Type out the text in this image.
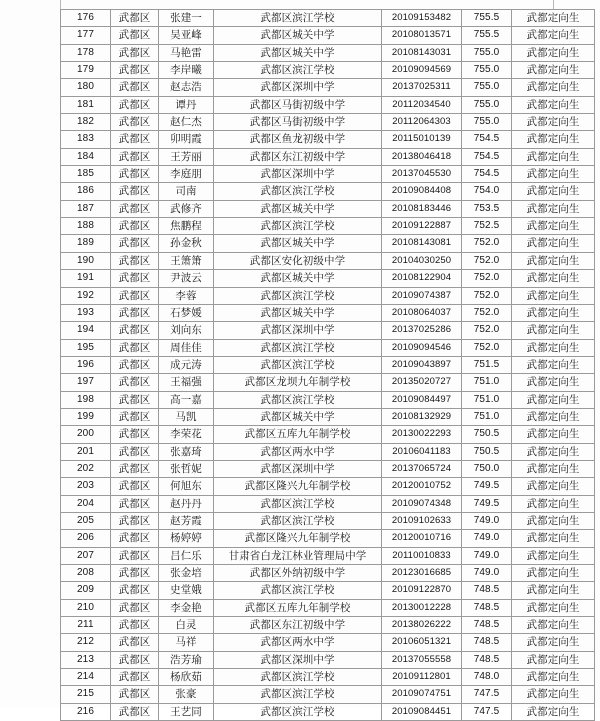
176	武都区	张建一	武都区滨江学校	20109153482	755.5	武都定向生
177	武都区	吴亚峰	武都区城关中学	20108013571	755.5	武都定向生
178	武都区	马艳雷	武都区城关中学	20108143031	755.0	武都定向生
179	武都区	李岸曦	武都区滨江学校	20109094569	755.0	武都定向生
180	武都区	赵志浩	武都区深圳中学	20137025311	755.0	武都定向生
181	武都区	谭丹	武都区马街初级中学	20112034540	755.0	武都定向生
182	武都区	赵仁杰	武都区马街初级中学	20112064303	755.0	武都定向生
183	武都区	卯明霞	武都区鱼龙初级中学	20115010139	754.5	武都定向生
184	武都区	王芳丽	武都区东江初级中学	20138046418	754.5	武都定向生
185	武都区	李庭朋	武都区深圳中学	20137045530	754.5	武都定向生
186	武都区	司南	武都区滨江学校	20109084408	754.0	武都定向生
187	武都区	武修齐	武都区城关中学	20108183446	753.5	武都定向生
188	武都区	焦鹏程	武都区滨江学校	20109122887	752.5	武都定向生
189	武都区	孙金秋	武都区城关中学	20108143081	752.0	武都定向生
190	武都区	王箫箫	武都区安化初级中学	20104030250	752.0	武都定向生
191	武都区	尹波云	武都区城关中学	20108122904	752.0	武都定向生
192	武都区	李蓉	武都区滨江学校	20109074387	752.0	武都定向生
193	武都区	石梦媛	武都区城关中学	20108064037	752.0	武都定向生
194	武都区	刘向东	武都区深圳中学	20137025286	752.0	武都定向生
195	武都区	周佳佳	武都区滨江学校	20109094546	752.0	武都定向生
196	武都区	成元涛	武都区滨江学校	20109043897	751.5	武都定向生
197	武都区	王福强	武都区龙坝九年制学校	20135020727	751.0	武都定向生
198	武都区	高一嘉	武都区滨江学校	20109084497	751.0	武都定向生
199	武都区	马凯	武都区城关中学	20108132929	751.0	武都定向生
200	武都区	李荣花	武都区五库九年制学校	20130022293	750.5	武都定向生
201	武都区	张嘉琦	武都区两水中学	20106041183	750.5	武都定向生
202	武都区	张哲妮	武都区深圳中学	20137065724	750.0	武都定向生
203	武都区	何旭东	武都区隆兴九年制学校	20120010752	749.5	武都定向生
204	武都区	赵丹丹	武都区滨江学校	20109074348	749.5	武都定向生
205	武都区	赵芳霞	武都区滨江学校	20109102633	749.0	武都定向生
206	武都区	杨婷婷	武都区隆兴九年制学校	20120010716	749.0	武都定向生
207	武都区	吕仁乐	甘肃省白龙江林业管理局中学	20110010833	749.0	武都定向生
208	武都区	张金培	武都区外纳初级中学	20123016685	749.0	武都定向生
209	武都区	史堂娥	武都区滨江学校	20109122870	748.5	武都定向生
210	武都区	李金艳	武都区五库九年制学校	20130012228	748.5	武都定向生
211	武都区	白灵	武都区东江初级中学	20138026222	748.5	武都定向生
212	武都区	马祥	武都区两水中学	20106051321	748.5	武都定向生
213	武都区	浩芳瑜	武都区深圳中学	20137055558	748.5	武都定向生
214	武都区	杨欣茹	武都区滨江学校	20109112801	748.0	武都定向生
215	武都区	张豪	武都区滨江学校	20109074751	747.5	武都定向生
216	武都区	王艺同	武都区滨江学校	20109084451	747.5	武都定向生
